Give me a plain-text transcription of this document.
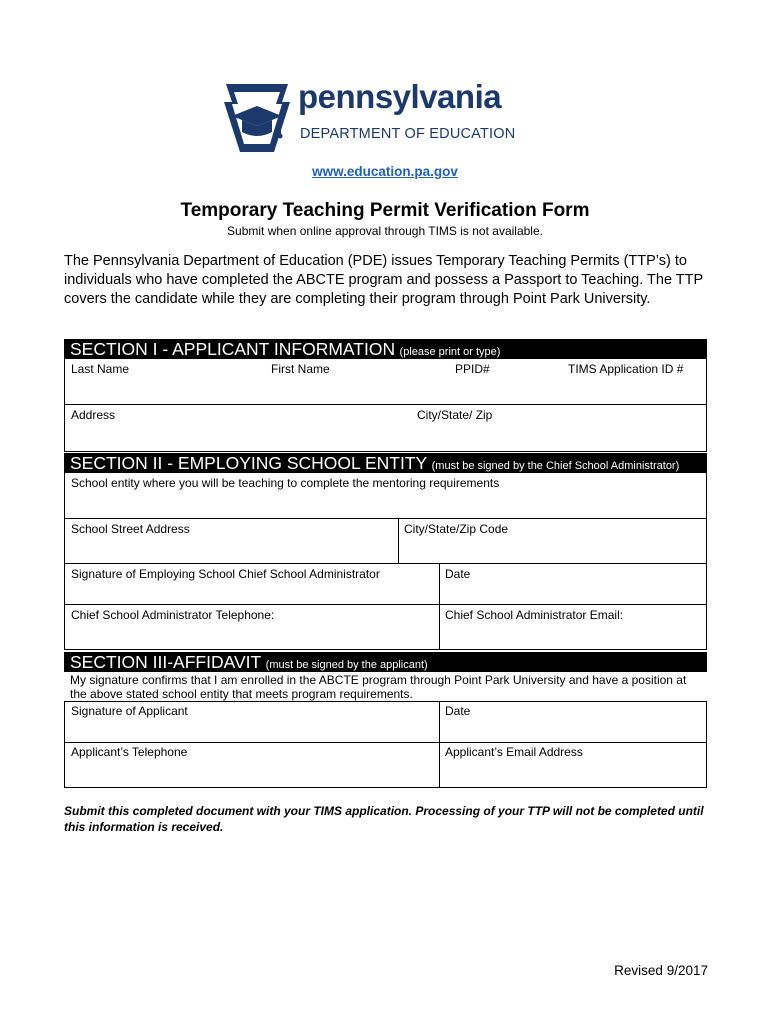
pennsylvania
DEPARTMENT OF EDUCATION
www.education.pa.gov
Temporary Teaching Permit Verification Form
Submit when online approval through TIMS is not available.
The Pennsylvania Department of Education (PDE) issues Temporary Teaching Permits (TTP’s) to individuals who have completed the ABCTE program and possess a Passport to Teaching. The TTP covers the candidate while they are completing their program through Point Park University.
SECTION I - APPLICANT INFORMATION (please print or type)
Last Name	First Name	PPID#	TIMS Application ID #
Address	City/State/ Zip
SECTION II - EMPLOYING SCHOOL ENTITY (must be signed by the Chief School Administrator)
School entity where you will be teaching to complete the mentoring requirements
School Street Address	City/State/Zip Code
Signature of Employing School Chief School Administrator	Date
Chief School Administrator Telephone:	Chief School Administrator Email:
SECTION III-AFFIDAVIT (must be signed by the applicant)
My signature confirms that I am enrolled in the ABCTE program through Point Park University and have a position at the above stated school entity that meets program requirements.
Signature of Applicant	Date
Applicant’s Telephone	Applicant’s Email Address
Submit this completed document with your TIMS application. Processing of your TTP will not be completed until this information is received.
Revised 9/2017
